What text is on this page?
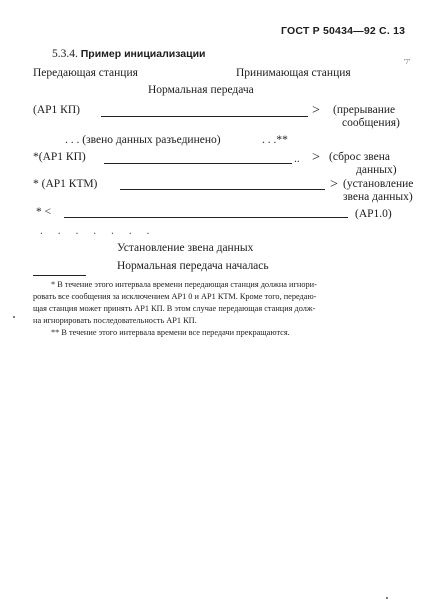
ГОСТ Р 50434—92 С. 13
'7'
5.3.4. Пример инициализации
Передающая станция	Принимающая станция
Нормальная передача
(АР1 КП)	> (прерывание
сообщения)
. . . (звено данных разъединено)	. . .**
*(АР1 КП)	.. > (сброс звена
данных)
* (АР1 КТМ)	> (установление
звена данных)
* <	(АР1.0)
. . . . . . .
Установление звена данных
Нормальная передача началась
* В течение этого интервала времени передающая станция должна игнори-
ровать все сообщения за исключением АР1 0 и АР1 КТМ. Кроме того, передаю-
щая станция может принять АР1 КП. В этом случае передающая станция долж-
на игнорировать последовательность АР1 КП.
** В течение этого интервала времени все передачи прекращаются.
